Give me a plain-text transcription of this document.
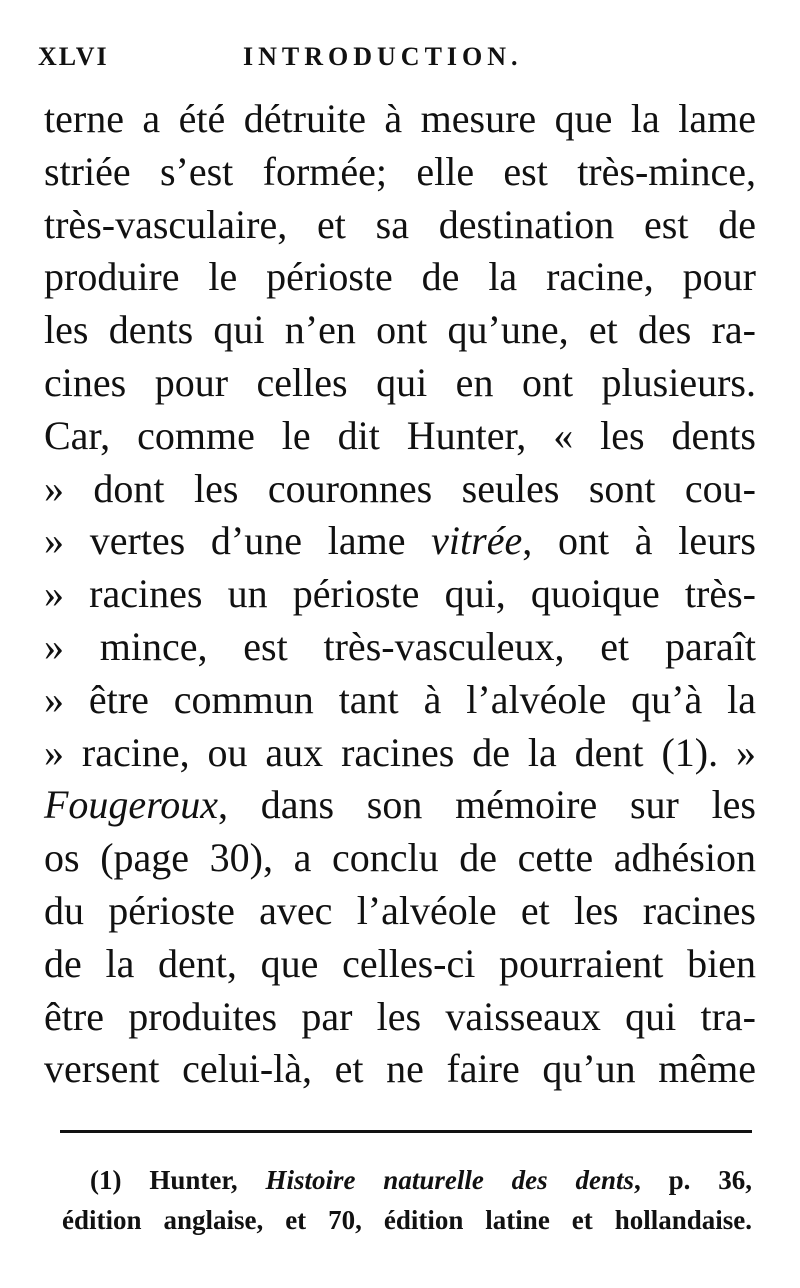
XLVI	INTRODUCTION.
terne a été détruite à mesure que la lame
striée s’est formée; elle est très-mince,
très-vasculaire, et sa destination est de
produire le périoste de la racine, pour
les dents qui n’en ont qu’une, et des ra-
cines pour celles qui en ont plusieurs.
Car, comme le dit Hunter, « les dents
» dont les couronnes seules sont cou-
» vertes d’une lame vitrée, ont à leurs
» racines un périoste qui, quoique très-
» mince, est très-vasculeux, et paraît
» être commun tant à l’alvéole qu’à la
» racine, ou aux racines de la dent (1). »
Fougeroux, dans son mémoire sur les
os (page 30), a conclu de cette adhésion
du périoste avec l’alvéole et les racines
de la dent, que celles-ci pourraient bien
être produites par les vaisseaux qui tra-
versent celui-là, et ne faire qu’un même
(1) Hunter, Histoire naturelle des dents, p. 36,
édition anglaise, et 70, édition latine et hollandaise.
